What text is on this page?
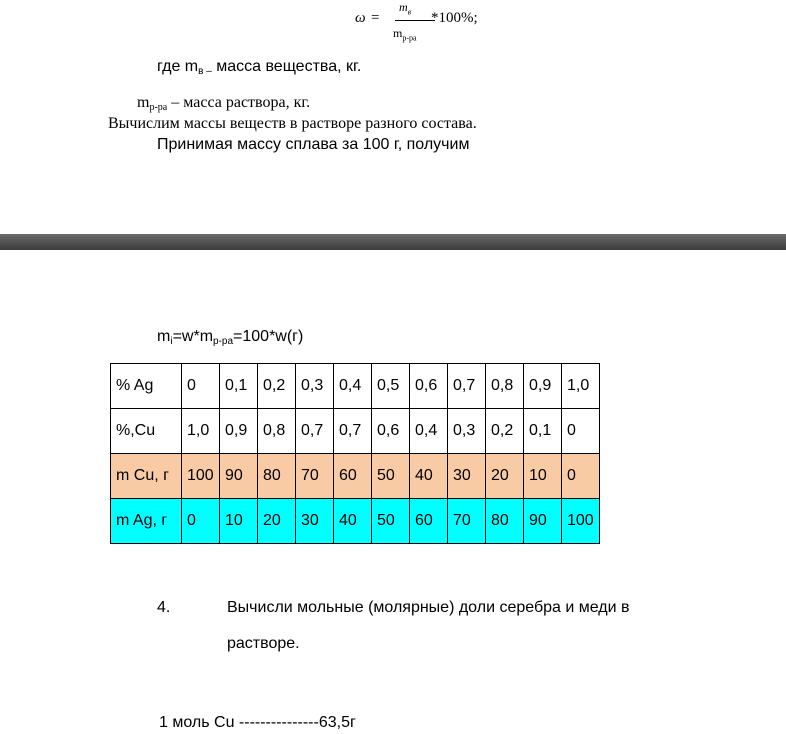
ω =
$m_в$
$m_{р-ра}$
*100%;
где $m_{в -}$ масса вещества, кг.
$m_{р-ра}$ – масса раствора, кг.
Вычислим массы веществ в растворе разного состава.
Принимая массу сплава за 100 г, получим
$m_i=w*m_{р-ра}=100*w(г)$
% Ag	0	0,1	0,2	0,3	0,4	0,5	0,6	0,7	0,8	0,9	1,0
%,Cu	1,0	0,9	0,8	0,7	0,7	0,6	0,4	0,3	0,2	0,1	0
m Cu, г	100	90	80	70	60	50	40	30	20	10	0
m Ag, г	0	10	20	30	40	50	60	70	80	90	100
4.	Вычисли мольные (молярные) доли серебра и меди в
растворе.
1 моль Cu ---------------63,5г
